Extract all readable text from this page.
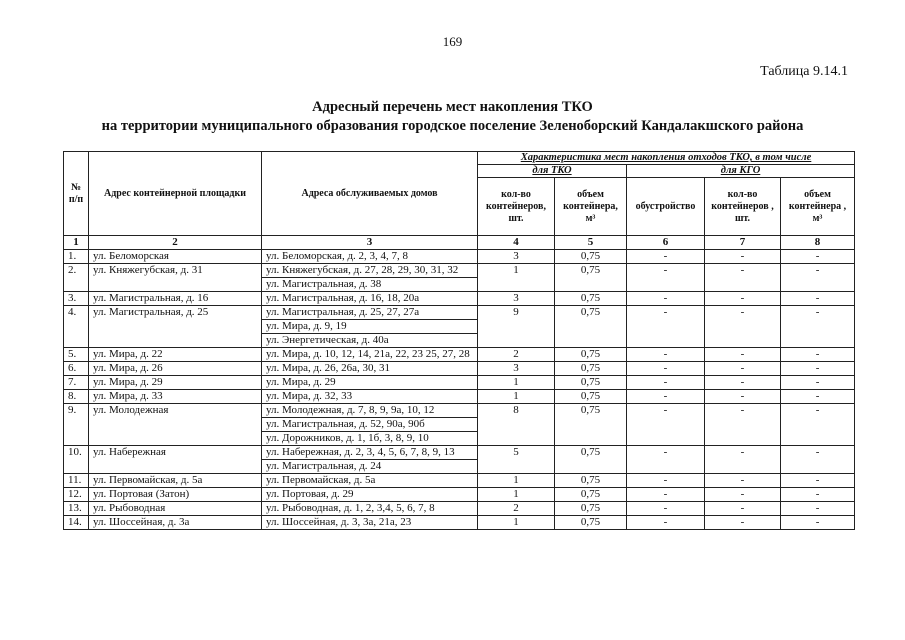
169
Таблица 9.14.1
Адресный перечень мест накопления ТКО
на территории муниципального образования городское поселение Зеленоборский Кандалакшского района
№ п/п	Адрес контейнерной площадки	Адреса обслуживаемых домов	Характеристика мест накопления отходов ТКО, в том числе				
			для ТКО		для КГО		
			кол-во контейнеров, шт.	объем контейнера, м³	обустройство	кол-во контейнеров , шт.	объем контейнера , м³
1	2	3	4	5	6	7	8
1.	ул. Беломорская	ул. Беломорская, д. 2, 3, 4, 7, 8	3	0,75	-	-	-
2.	ул. Княжегубская, д. 31	ул. Княжегубская, д. 27, 28, 29, 30, 31, 32	1	0,75	-	-	-
		ул. Магистральная, д. 38					
3.	ул. Магистральная, д. 16	ул. Магистральная, д. 16, 18, 20а	3	0,75	-	-	-
4.	ул. Магистральная, д. 25	ул. Магистральная, д. 25, 27, 27а	9	0,75	-	-	-
		ул. Мира, д. 9, 19					
		ул. Энергетическая, д. 40а					
5.	ул. Мира, д. 22	ул. Мира, д. 10, 12, 14, 21а, 22, 23 25, 27, 28	2	0,75	-	-	-
6.	ул. Мира, д. 26	ул. Мира, д. 26, 26а, 30, 31	3	0,75	-	-	-
7.	ул. Мира, д. 29	ул. Мира, д. 29	1	0,75	-	-	-
8.	ул. Мира, д. 33	ул. Мира, д. 32, 33	1	0,75	-	-	-
9.	ул. Молодежная	ул. Молодежная, д. 7, 8, 9, 9а, 10, 12	8	0,75	-	-	-
		ул. Магистральная, д. 52, 90а, 90б					
		ул. Дорожников, д. 1, 1б, 3, 8, 9, 10					
10.	ул. Набережная	ул. Набережная, д. 2, 3, 4, 5, 6, 7, 8, 9, 13	5	0,75	-	-	-
		ул. Магистральная, д. 24					
11.	ул. Первомайская, д. 5а	ул. Первомайская, д. 5а	1	0,75	-	-	-
12.	ул. Портовая (Затон)	ул. Портовая, д. 29	1	0,75	-	-	-
13.	ул. Рыбоводная	ул. Рыбоводная, д. 1, 2, 3,4, 5, 6, 7, 8	2	0,75	-	-	-
14.	ул. Шоссейная, д. 3а	ул. Шоссейная, д. 3, 3а, 21а, 23	1	0,75	-	-	-
